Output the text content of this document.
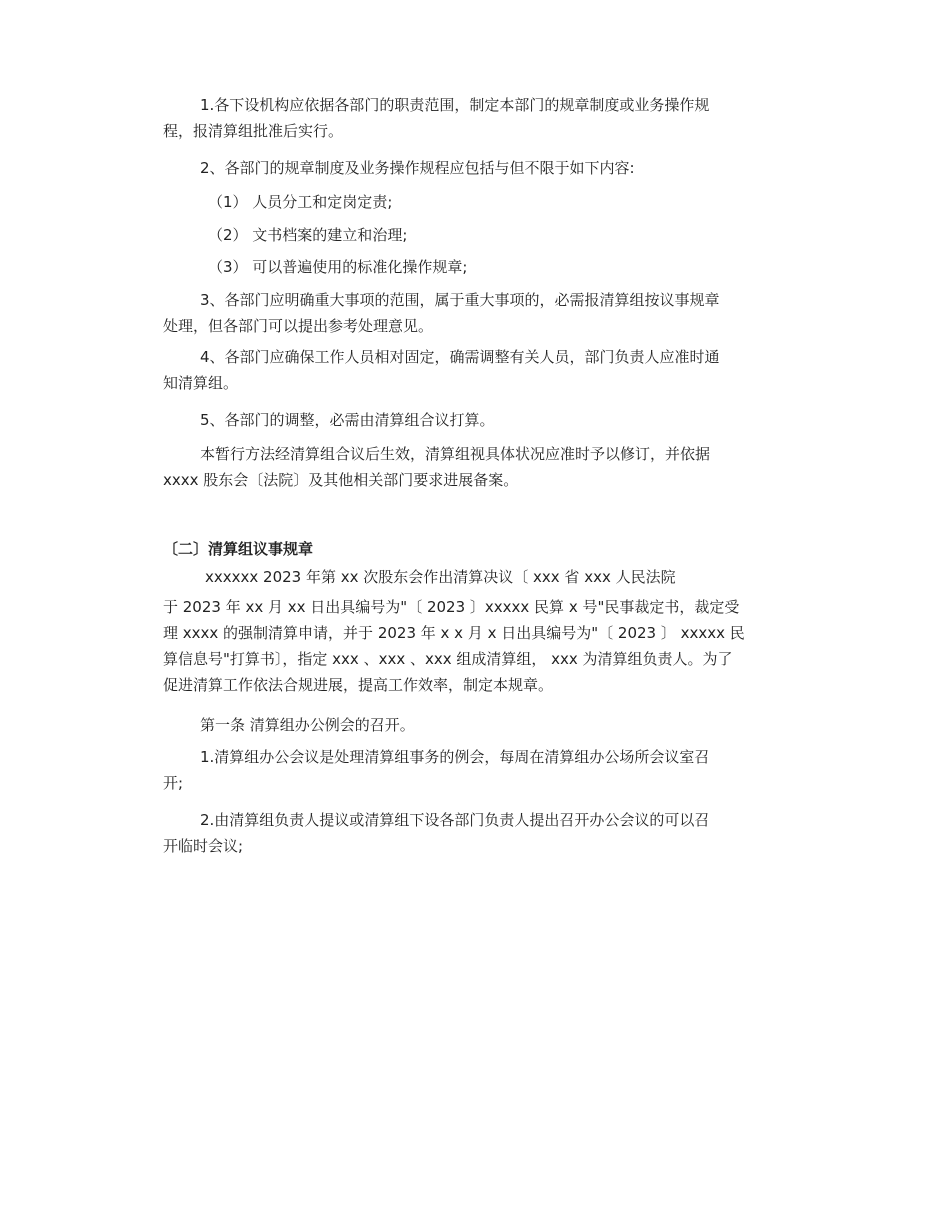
1.各下设机构应依据各部门的职责范围，制定本部门的规章制度或业务操作规
程，报清算组批准后实行。
2、各部门的规章制度及业务操作规程应包括与但不限于如下内容:
（1） 人员分工和定岗定责;
（2） 文书档案的建立和治理;
（3） 可以普遍使用的标准化操作规章;
3、各部门应明确重大事项的范围，属于重大事项的，必需报清算组按议事规章
处理，但各部门可以提出参考处理意见。
4、各部门应确保工作人员相对固定，确需调整有关人员，部门负责人应准时通
知清算组。
5、各部门的调整，必需由清算组合议打算。
本暂行方法经清算组合议后生效，清算组视具体状况应准时予以修订，并依据
xxxx 股东会〔法院〕及其他相关部门要求进展备案。
〔二〕清算组议事规章
xxxxxx 2023 年第 xx 次股东会作出清算决议〔 xxx 省 xxx 人民法院
于 2023 年 xx 月 xx 日出具编号为"〔 2023 〕xxxxx 民算 x 号"民事裁定书，裁定受
理 xxxx 的强制清算申请，并于 2023 年 x x 月 x 日出具编号为"〔 2023 〕 xxxxx 民
算信息号"打算书〕，指定 xxx 、xxx 、xxx 组成清算组， xxx 为清算组负责人。为了
促进清算工作依法合规进展，提高工作效率，制定本规章。
第一条 清算组办公例会的召开。
1.清算组办公会议是处理清算组事务的例会，每周在清算组办公场所会议室召
开;
2.由清算组负责人提议或清算组下设各部门负责人提出召开办公会议的可以召
开临时会议;
